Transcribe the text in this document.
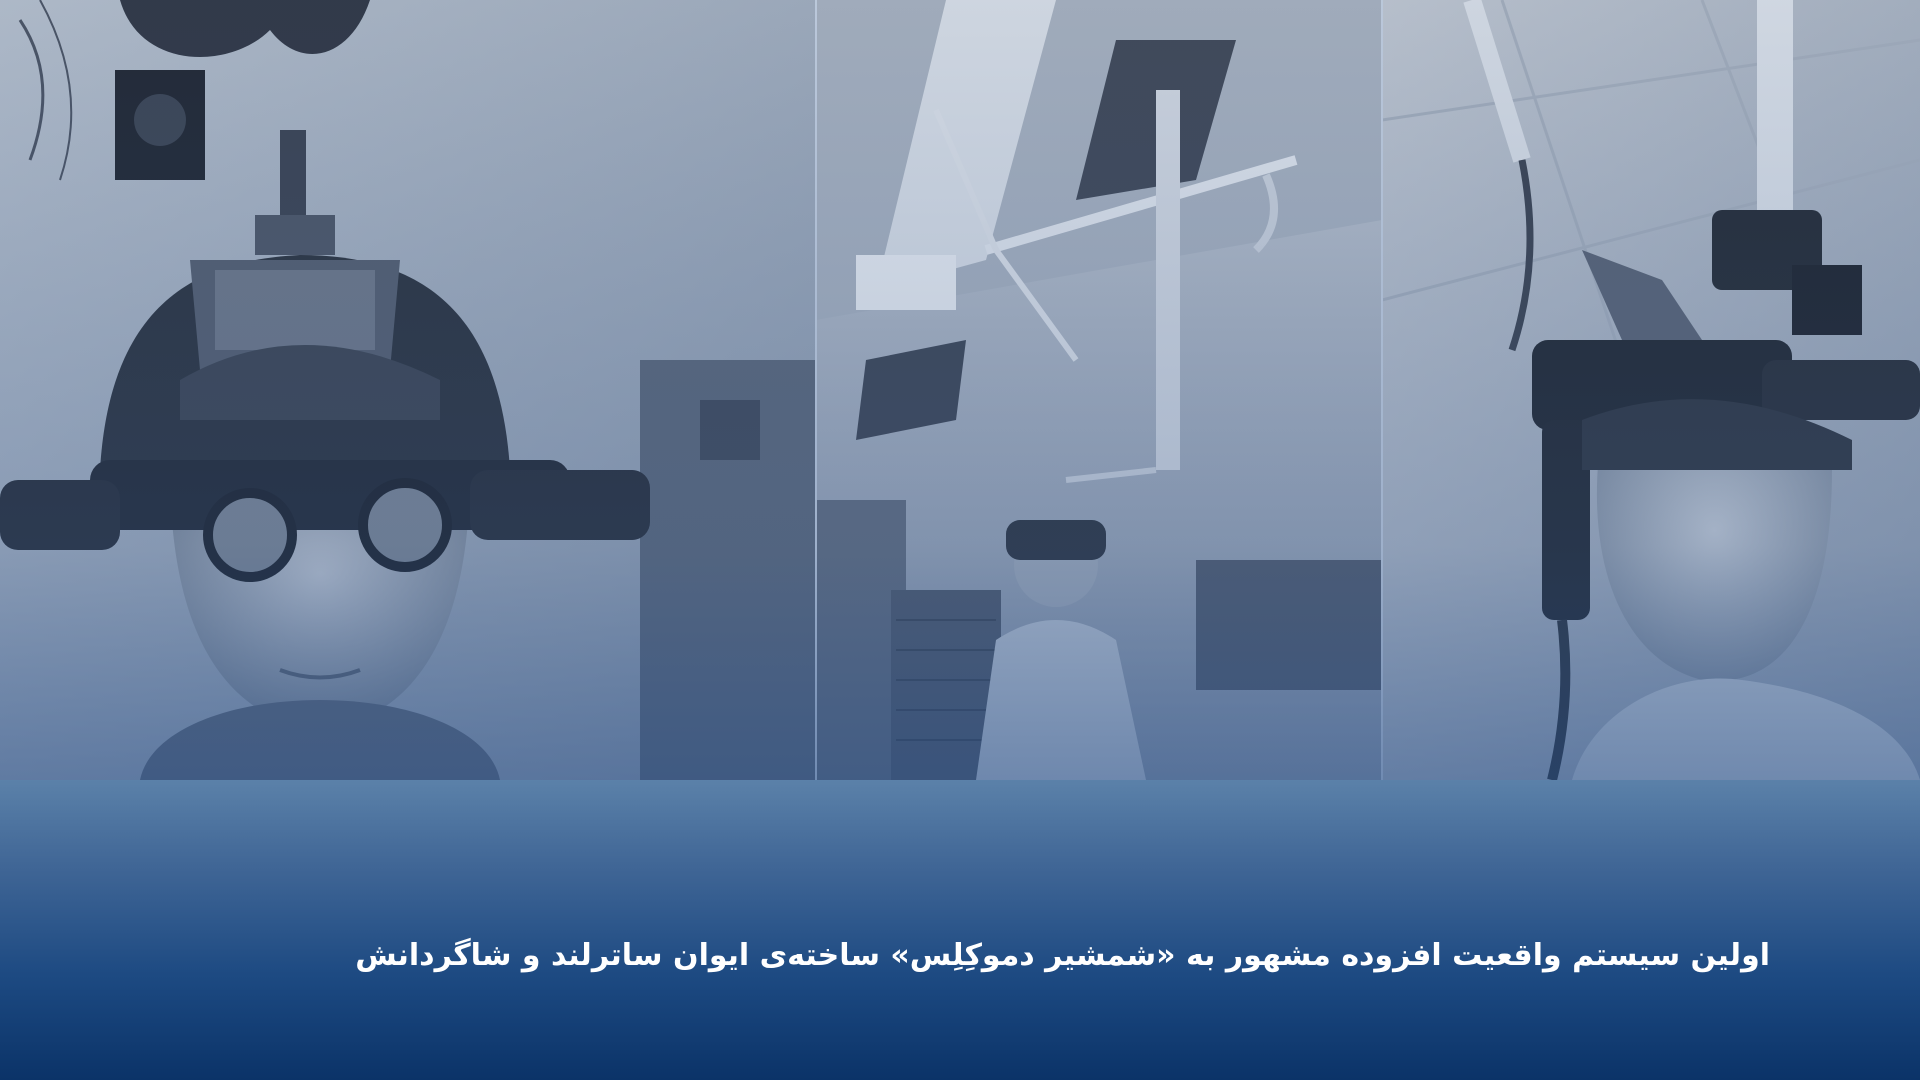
اولین سیستم واقعیت افزوده مشهور به «شمشیر دموکِلِس» ساخته‌ی ایوان ساترلند و شاگردانش
